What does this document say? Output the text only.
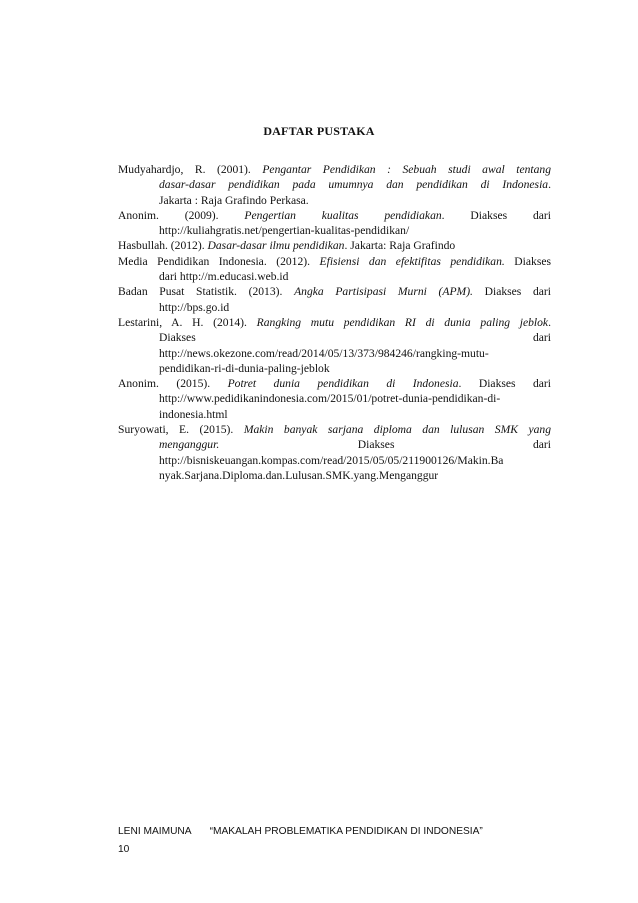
DAFTAR PUSTAKA
Mudyahardjo, R. (2001). Pengantar Pendidikan : Sebuah studi awal tentang
dasar-dasar pendidikan pada umumnya dan pendidikan di Indonesia.
Jakarta : Raja Grafindo Perkasa.
Anonim. (2009). Pengertian kualitas pendidiakan. Diakses dari
http://kuliahgratis.net/pengertian-kualitas-pendidikan/
Hasbullah. (2012). Dasar-dasar ilmu pendidikan. Jakarta: Raja Grafindo
Media Pendidikan Indonesia. (2012). Efisiensi dan efektifitas pendidikan. Diakses
dari http://m.educasi.web.id
Badan Pusat Statistik. (2013). Angka Partisipasi Murni (APM). Diakses dari
http://bps.go.id
Lestarini, A. H. (2014). Rangking mutu pendidikan RI di dunia paling jeblok.
Diakses dari
http://news.okezone.com/read/2014/05/13/373/984246/rangking-mutu-
pendidikan-ri-di-dunia-paling-jeblok
Anonim. (2015). Potret dunia pendidikan di Indonesia. Diakses dari
http://www.pedidikanindonesia.com/2015/01/potret-dunia-pendidikan-di-
indonesia.html
Suryowati, E. (2015). Makin banyak sarjana diploma dan lulusan SMK yang
menganggur. Diakses dari
http://bisniskeuangan.kompas.com/read/2015/05/05/211900126/Makin.Ba
nyak.Sarjana.Diploma.dan.Lulusan.SMK.yang.Menganggur
LENI MAIMUNA “MAKALAH PROBLEMATIKA PENDIDIKAN DI INDONESIA”
10
